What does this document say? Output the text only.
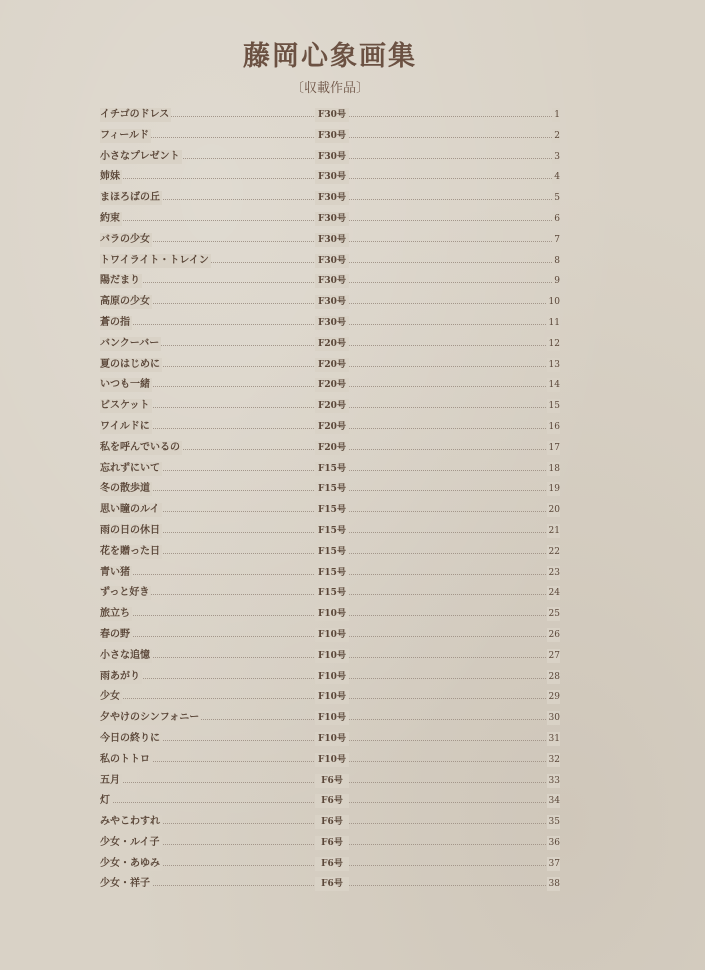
藤岡心象画集
〔収載作品〕
イチゴのドレス	F30号	1
フィールド	F30号	2
小さなプレゼント	F30号	3
姉妹	F30号	4
まほろばの丘	F30号	5
約束	F30号	6
バラの少女	F30号	7
トワイライト・トレイン	F30号	8
陽だまり	F30号	9
高原の少女	F30号	10
蒼の指	F30号	11
バンクーバー	F20号	12
夏のはじめに	F20号	13
いつも一緒	F20号	14
ビスケット	F20号	15
ワイルドに	F20号	16
私を呼んでいるの	F20号	17
忘れずにいて	F15号	18
冬の散歩道	F15号	19
思い瞳のルイ	F15号	20
雨の日の休日	F15号	21
花を贈った日	F15号	22
青い猪	F15号	23
ずっと好き	F15号	24
旅立ち	F10号	25
春の野	F10号	26
小さな追憶	F10号	27
雨あがり	F10号	28
少女	F10号	29
夕やけのシンフォニー	F10号	30
今日の終りに	F10号	31
私のトトロ	F10号	32
五月	F6号	33
灯	F6号	34
みやこわすれ	F6号	35
少女・ルイ子	F6号	36
少女・あゆみ	F6号	37
少女・祥子	F6号	38
